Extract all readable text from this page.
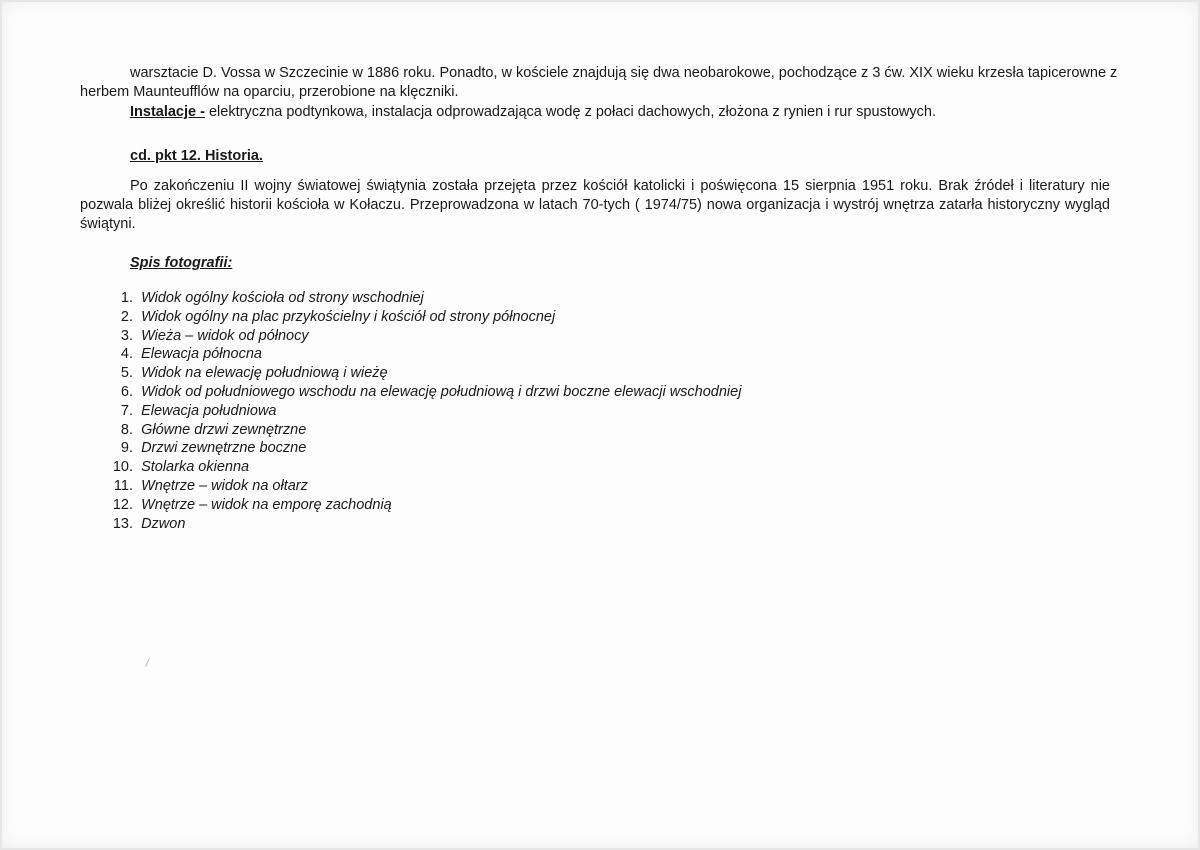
warsztacie D. Vossa w Szczecinie w 1886 roku. Ponadto, w kościele znajdują się dwa neobarokowe, pochodzące z 3 ćw. XIX wieku krzesła tapicerowne z herbem Maunteufflów na oparciu, przerobione na klęczniki.

Instalacje - elektryczna podtynkowa, instalacja odprowadzająca wodę z połaci dachowych, złożona z rynien i rur spustowych.

cd. pkt 12. Historia.

Po zakończeniu II wojny światowej świątynia została przejęta przez kościół katolicki i poświęcona 15 sierpnia 1951 roku. Brak źródeł i literatury nie pozwala bliżej określić historii kościoła w Kołaczu. Przeprowadzona w latach 70-tych ( 1974/75) nowa organizacja i wystrój wnętrza zatarła historyczny wygląd świątyni.

Spis fotografii:

1.
Widok ogólny kościoła od strony wschodniej
2.
Widok ogólny na plac przykościelny i kościół od strony północnej
3.
Wieża – widok od północy
4.
Elewacja północna
5.
Widok na elewację południową i wieżę
6.
Widok od południowego wschodu na elewację południową i drzwi boczne elewacji wschodniej
7.
Elewacja południowa
8.
Główne drzwi zewnętrzne
9.
Drzwi zewnętrzne boczne
10.
Stolarka okienna
11.
Wnętrze – widok na ołtarz
12.
Wnętrze – widok na emporę zachodnią
13.
Dzwon
